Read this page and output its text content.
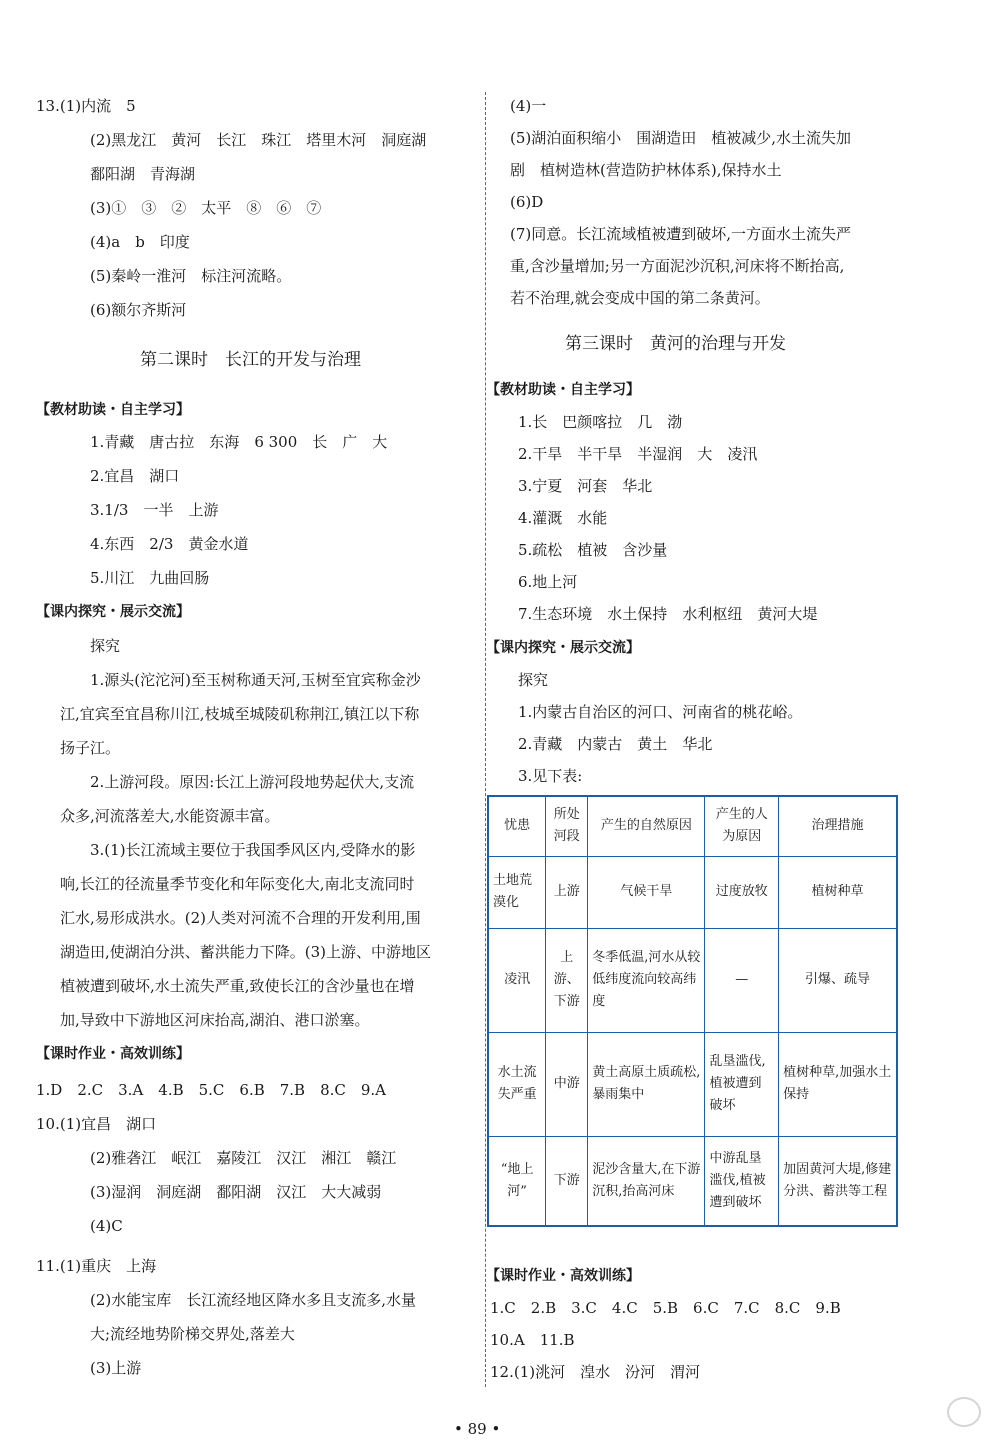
13.(1)内流　5
(2)黑龙江　黄河　长江　珠江　塔里木河　洞庭湖
鄱阳湖　青海湖
(3)①　③　②　太平　⑧　⑥　⑦
(4)a　b　印度
(5)秦岭一淮河　标注河流略。
(6)额尔齐斯河
第二课时　长江的开发与治理
【教材助读・自主学习】
1.青藏　唐古拉　东海　6 300　长　广　大
2.宜昌　湖口
3.1/3　一半　上游
4.东西　2/3　黄金水道
5.川江　九曲回肠
【课内探究・展示交流】
探究
1.源头(沱沱河)至玉树称通天河,玉树至宜宾称金沙
江,宜宾至宜昌称川江,枝城至城陵矶称荆江,镇江以下称
扬子江。
2.上游河段。原因:长江上游河段地势起伏大,支流
众多,河流落差大,水能资源丰富。
3.(1)长江流域主要位于我国季风区内,受降水的影
响,长江的径流量季节变化和年际变化大,南北支流同时
汇水,易形成洪水。(2)人类对河流不合理的开发利用,围
湖造田,使湖泊分洪、蓄洪能力下降。(3)上游、中游地区
植被遭到破坏,水土流失严重,致使长江的含沙量也在增
加,导致中下游地区河床抬高,湖泊、港口淤塞。
【课时作业・高效训练】
1.D　2.C　3.A　4.B　5.C　6.B　7.B　8.C　9.A
10.(1)宜昌　湖口
(2)雅砻江　岷江　嘉陵江　汉江　湘江　赣江
(3)湿润　洞庭湖　鄱阳湖　汉江　大大减弱
(4)C
11.(1)重庆　上海
(2)水能宝库　长江流经地区降水多且支流多,水量
大;流经地势阶梯交界处,落差大
(3)上游
(4)一
(5)湖泊面积缩小　围湖造田　植被减少,水土流失加
剧　植树造林(营造防护林体系),保持水土
(6)D
(7)同意。长江流域植被遭到破坏,一方面水土流失严
重,含沙量增加;另一方面泥沙沉积,河床将不断抬高,
若不治理,就会变成中国的第二条黄河。
第三课时　黄河的治理与开发
【教材助读・自主学习】
1.长　巴颜喀拉　几　渤
2.干旱　半干旱　半湿润　大　凌汛
3.宁夏　河套　华北
4.灌溉　水能
5.疏松　植被　含沙量
6.地上河
7.生态环境　水土保持　水利枢纽　黄河大堤
【课内探究・展示交流】
探究
1.内蒙古自治区的河口、河南省的桃花峪。
2.青藏　内蒙古　黄土　华北
3.见下表:
【课时作业・高效训练】
1.C　2.B　3.C　4.C　5.B　6.C　7.C　8.C　9.B
10.A　11.B
12.(1)洮河　湟水　汾河　渭河
忧患	所处河段	产生的自然原因	产生的人为原因	治理措施
土地荒漠化	上游	气候干旱	过度放牧	植树种草
凌汛	上游、下游	冬季低温,河水从较低纬度流向较高纬度	—	引爆、疏导
水土流失严重	中游	黄土高原土质疏松,暴雨集中	乱垦滥伐,植被遭到破坏	植树种草,加强水土保持
“地上河”	下游	泥沙含量大,在下游沉积,抬高河床	中游乱垦滥伐,植被遭到破坏	加固黄河大堤,修建分洪、蓄洪等工程
• 89 •
